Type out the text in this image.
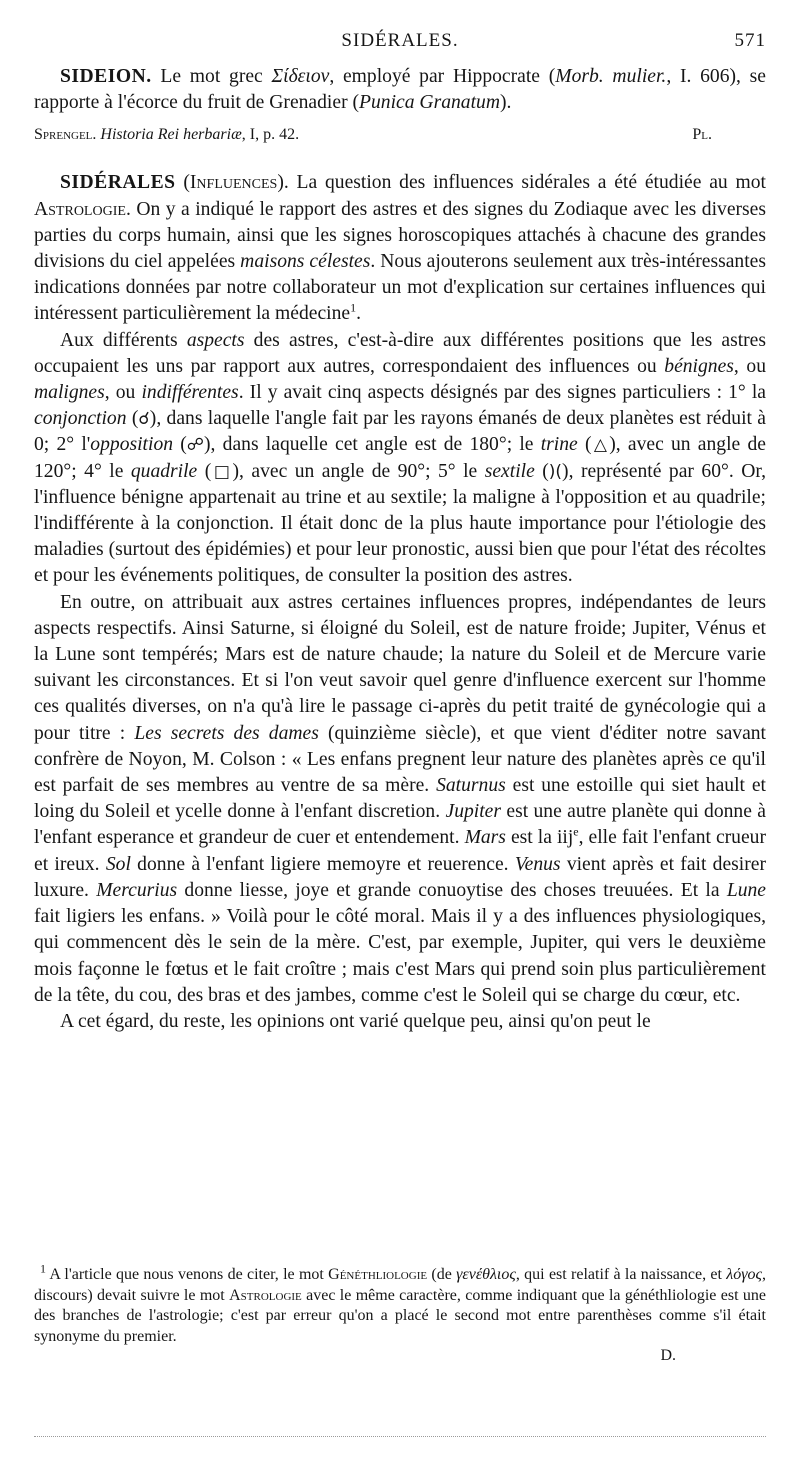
SIDÉRALES.	571

SIDEION. Le mot grec Σίδειον, employé par Hippocrate (Morb. mulier., I. 606), se rapporte à l'écorce du fruit de Grenadier (Punica Granatum).

Sprengel. Historia Rei herbariæ, I, p. 42.	Pl.

SIDÉRALES (Influences). La question des influences sidérales a été étudiée au mot Astrologie. On y a indiqué le rapport des astres et des signes du Zodiaque avec les diverses parties du corps humain, ainsi que les signes horoscopiques attachés à chacune des grandes divisions du ciel appelées maisons célestes. Nous ajouterons seulement aux très-intéressantes indications données par notre collaborateur un mot d'explication sur certaines influences qui intéressent particulièrement la médecine$^1$.

Aux différents aspects des astres, c'est-à-dire aux différentes positions que les astres occupaient les uns par rapport aux autres, correspondaient des influences ou bénignes, ou malignes, ou indifférentes. Il y avait cinq aspects désignés par des signes particuliers : 1° la conjonction (☌), dans laquelle l'angle fait par les rayons émanés de deux planètes est réduit à 0; 2° l'opposition (☍), dans laquelle cet angle est de 180°; le trine (△), avec un angle de 120°; 4° le quadrile (□), avec un angle de 90°; 5° le sextile ()(), représenté par 60°. Or, l'influence bénigne appartenait au trine et au sextile; la maligne à l'opposition et au quadrile; l'indifférente à la conjonction. Il était donc de la plus haute importance pour l'étiologie des maladies (surtout des épidémies) et pour leur pronostic, aussi bien que pour l'état des récoltes et pour les événements politiques, de consulter la position des astres.

En outre, on attribuait aux astres certaines influences propres, indépendantes de leurs aspects respectifs. Ainsi Saturne, si éloigné du Soleil, est de nature froide; Jupiter, Vénus et la Lune sont tempérés; Mars est de nature chaude; la nature du Soleil et de Mercure varie suivant les circonstances. Et si l'on veut savoir quel genre d'influence exercent sur l'homme ces qualités diverses, on n'a qu'à lire le passage ci-après du petit traité de gynécologie qui a pour titre : Les secrets des dames (quinzième siècle), et que vient d'éditer notre savant confrère de Noyon, M. Colson : « Les enfans pregnent leur nature des planètes après ce qu'il est parfait de ses membres au ventre de sa mère. Saturnus est une estoille qui siet hault et loing du Soleil et ycelle donne à l'enfant discretion. Jupiter est une autre planète qui donne à l'enfant esperance et grandeur de cuer et entendement. Mars est la iij$^e$, elle fait l'enfant crueur et ireux. Sol donne à l'enfant ligiere memoyre et reuerence. Venus vient après et fait desirer luxure. Mercurius donne liesse, joye et grande conuoytise des choses treuuées. Et la Lune fait ligiers les enfans. » Voilà pour le côté moral. Mais il y a des influences physiologiques, qui commencent dès le sein de la mère. C'est, par exemple, Jupiter, qui vers le deuxième mois façonne le fœtus et le fait croître ; mais c'est Mars qui prend soin plus particulièrement de la tête, du cou, des bras et des jambes, comme c'est le Soleil qui se charge du cœur, etc.

A cet égard, du reste, les opinions ont varié quelque peu, ainsi qu'on peut le

$^1$ A l'article que nous venons de citer, le mot Généthliologie (de γενέθλιος, qui est relatif à la naissance, et λόγος, discours) devait suivre le mot Astrologie avec le même caractère, comme indiquant que la généthliologie est une des branches de l'astrologie; c'est par erreur qu'on a placé le second mot entre parenthèses comme s'il était synonyme du premier.

D.
